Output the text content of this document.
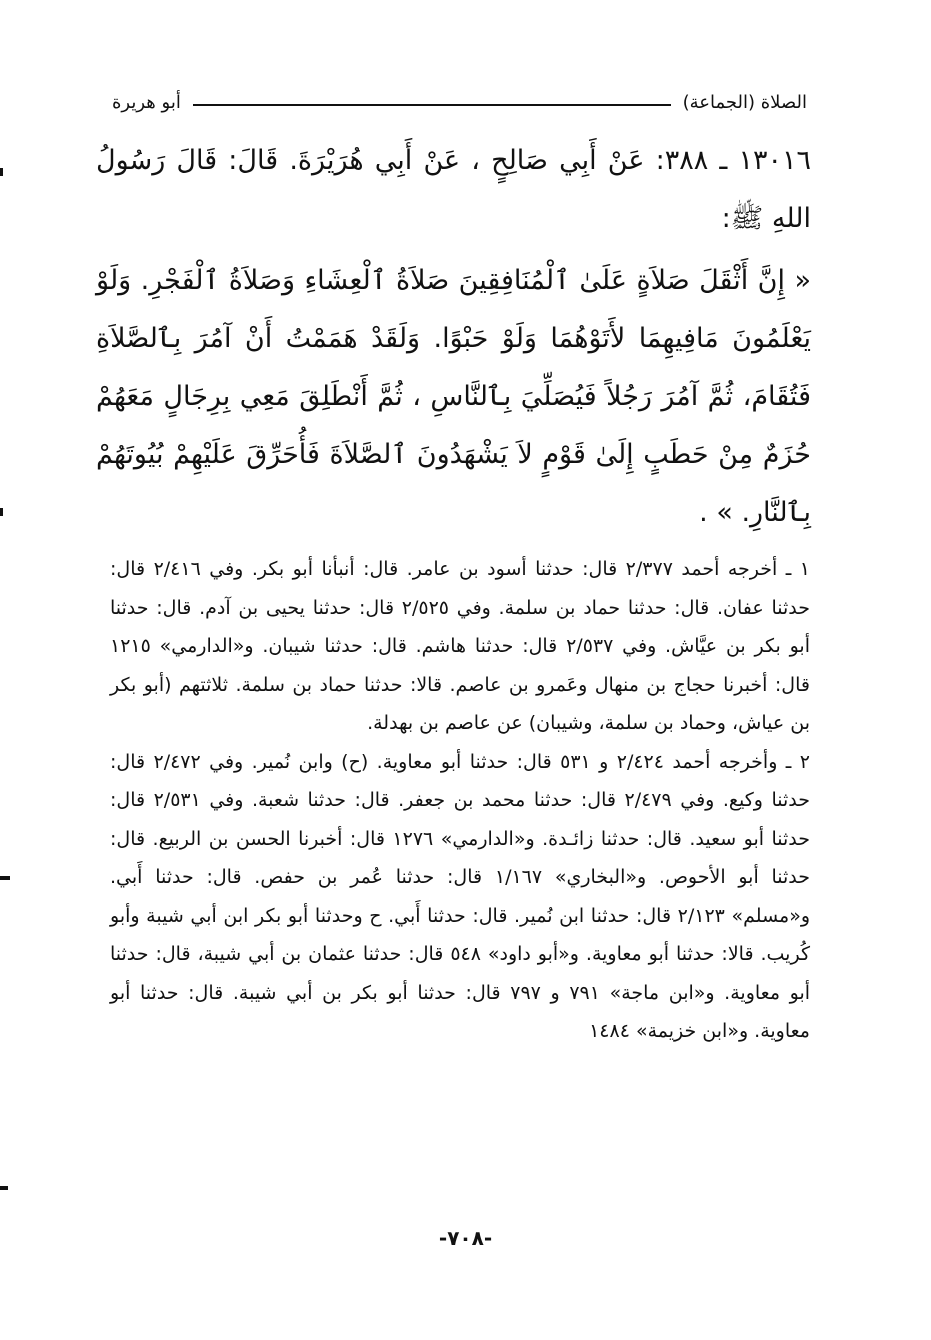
الصلاة (الجماعة)
أبو هريرة

١٣٠١٦ ـ ٣٨٨: عَنْ أَبِي صَالِحٍ ، عَنْ أَبِي هُرَيْرَةَ. قَالَ: قَالَ رَسُولُ اللهِ ﷺ:

« إِنَّ أَثْقَلَ صَلاَةٍ عَلَىٰ ٱلْمُنَافِقِينَ صَلاَةُ ٱلْعِشَاءِ وَصَلاَةُ ٱلْفَجْرِ. وَلَوْ يَعْلَمُونَ مَافِيهِمَا لأَتَوْهُمَا وَلَوْ حَبْوًا. وَلَقَدْ هَمَمْتُ أَنْ آمُرَ بِٱلصَّلاَةِ فَتُقَامَ، ثُمَّ آمُرَ رَجُلاً فَيُصَلِّيَ بِٱلنَّاسِ ، ثُمَّ أَنْطَلِقَ مَعِي بِرِجَالٍ مَعَهُمْ حُزَمٌ مِنْ حَطَبٍ إِلَىٰ قَوْمٍ لاَ يَشْهَدُونَ ٱلصَّلاَةَ فَأُحَرِّقَ عَلَيْهِمْ بُيُوتَهُمْ بِٱلنَّارِ. » .

١ ـ أخرجه أحمد ٢/٣٧٧ قال: حدثنا أسود بن عامر. قال: أنبأنا أبو بكر. وفي ٢/٤١٦ قال: حدثنا عفان. قال: حدثنا حماد بن سلمة. وفي ٢/٥٢٥ قال: حدثنا يحيى بن آدم. قال: حدثنا أبو بكر بن عيَّاش. وفي ٢/٥٣٧ قال: حدثنا هاشم. قال: حدثنا شيبان. و«الدارمي» ١٢١٥ قال: أخبرنا حجاج بن منهال وعَمرو بن عاصم. قالا: حدثنا حماد بن سلمة. ثلاثتهم (أبو بكر بن عياش، وحماد بن سلمة، وشيبان) عن عاصم بن بهدلة.

٢ ـ وأخرجه أحمد ٢/٤٢٤ و ٥٣١ قال: حدثنا أبو معاوية. (ح) وابن نُمير. وفي ٢/٤٧٢ قال: حدثنا وكيع. وفي ٢/٤٧٩ قال: حدثنا محمد بن جعفر. قال: حدثنا شعبة. وفي ٢/٥٣١ قال: حدثنا أبو سعيد. قال: حدثنا زائـدة. و«الدارمي» ١٢٧٦ قال: أخبرنا الحسن بن الربيع. قال: حدثنا أبو الأحوص. و«البخاري» ١/١٦٧ قال: حدثنا عُمر بن حفص. قال: حدثنا أَبي. و«مسلم» ٢/١٢٣ قال: حدثنا ابن نُمير. قال: حدثنا أَبي. ح وحدثنا أبو بكر ابن أبي شيبة وأبو كُريب. قالا: حدثنا أبو معاوية. و«أبو داود» ٥٤٨ قال: حدثنا عثمان بن أبي شيبة، قال: حدثنا أبو معاوية. و«ابن ماجة» ٧٩١ و ٧٩٧ قال: حدثنا أبو بكر بن أبي شيبة. قال: حدثنا أبو معاوية. و«ابن خزيمة» ١٤٨٤

-٧٠٨-
